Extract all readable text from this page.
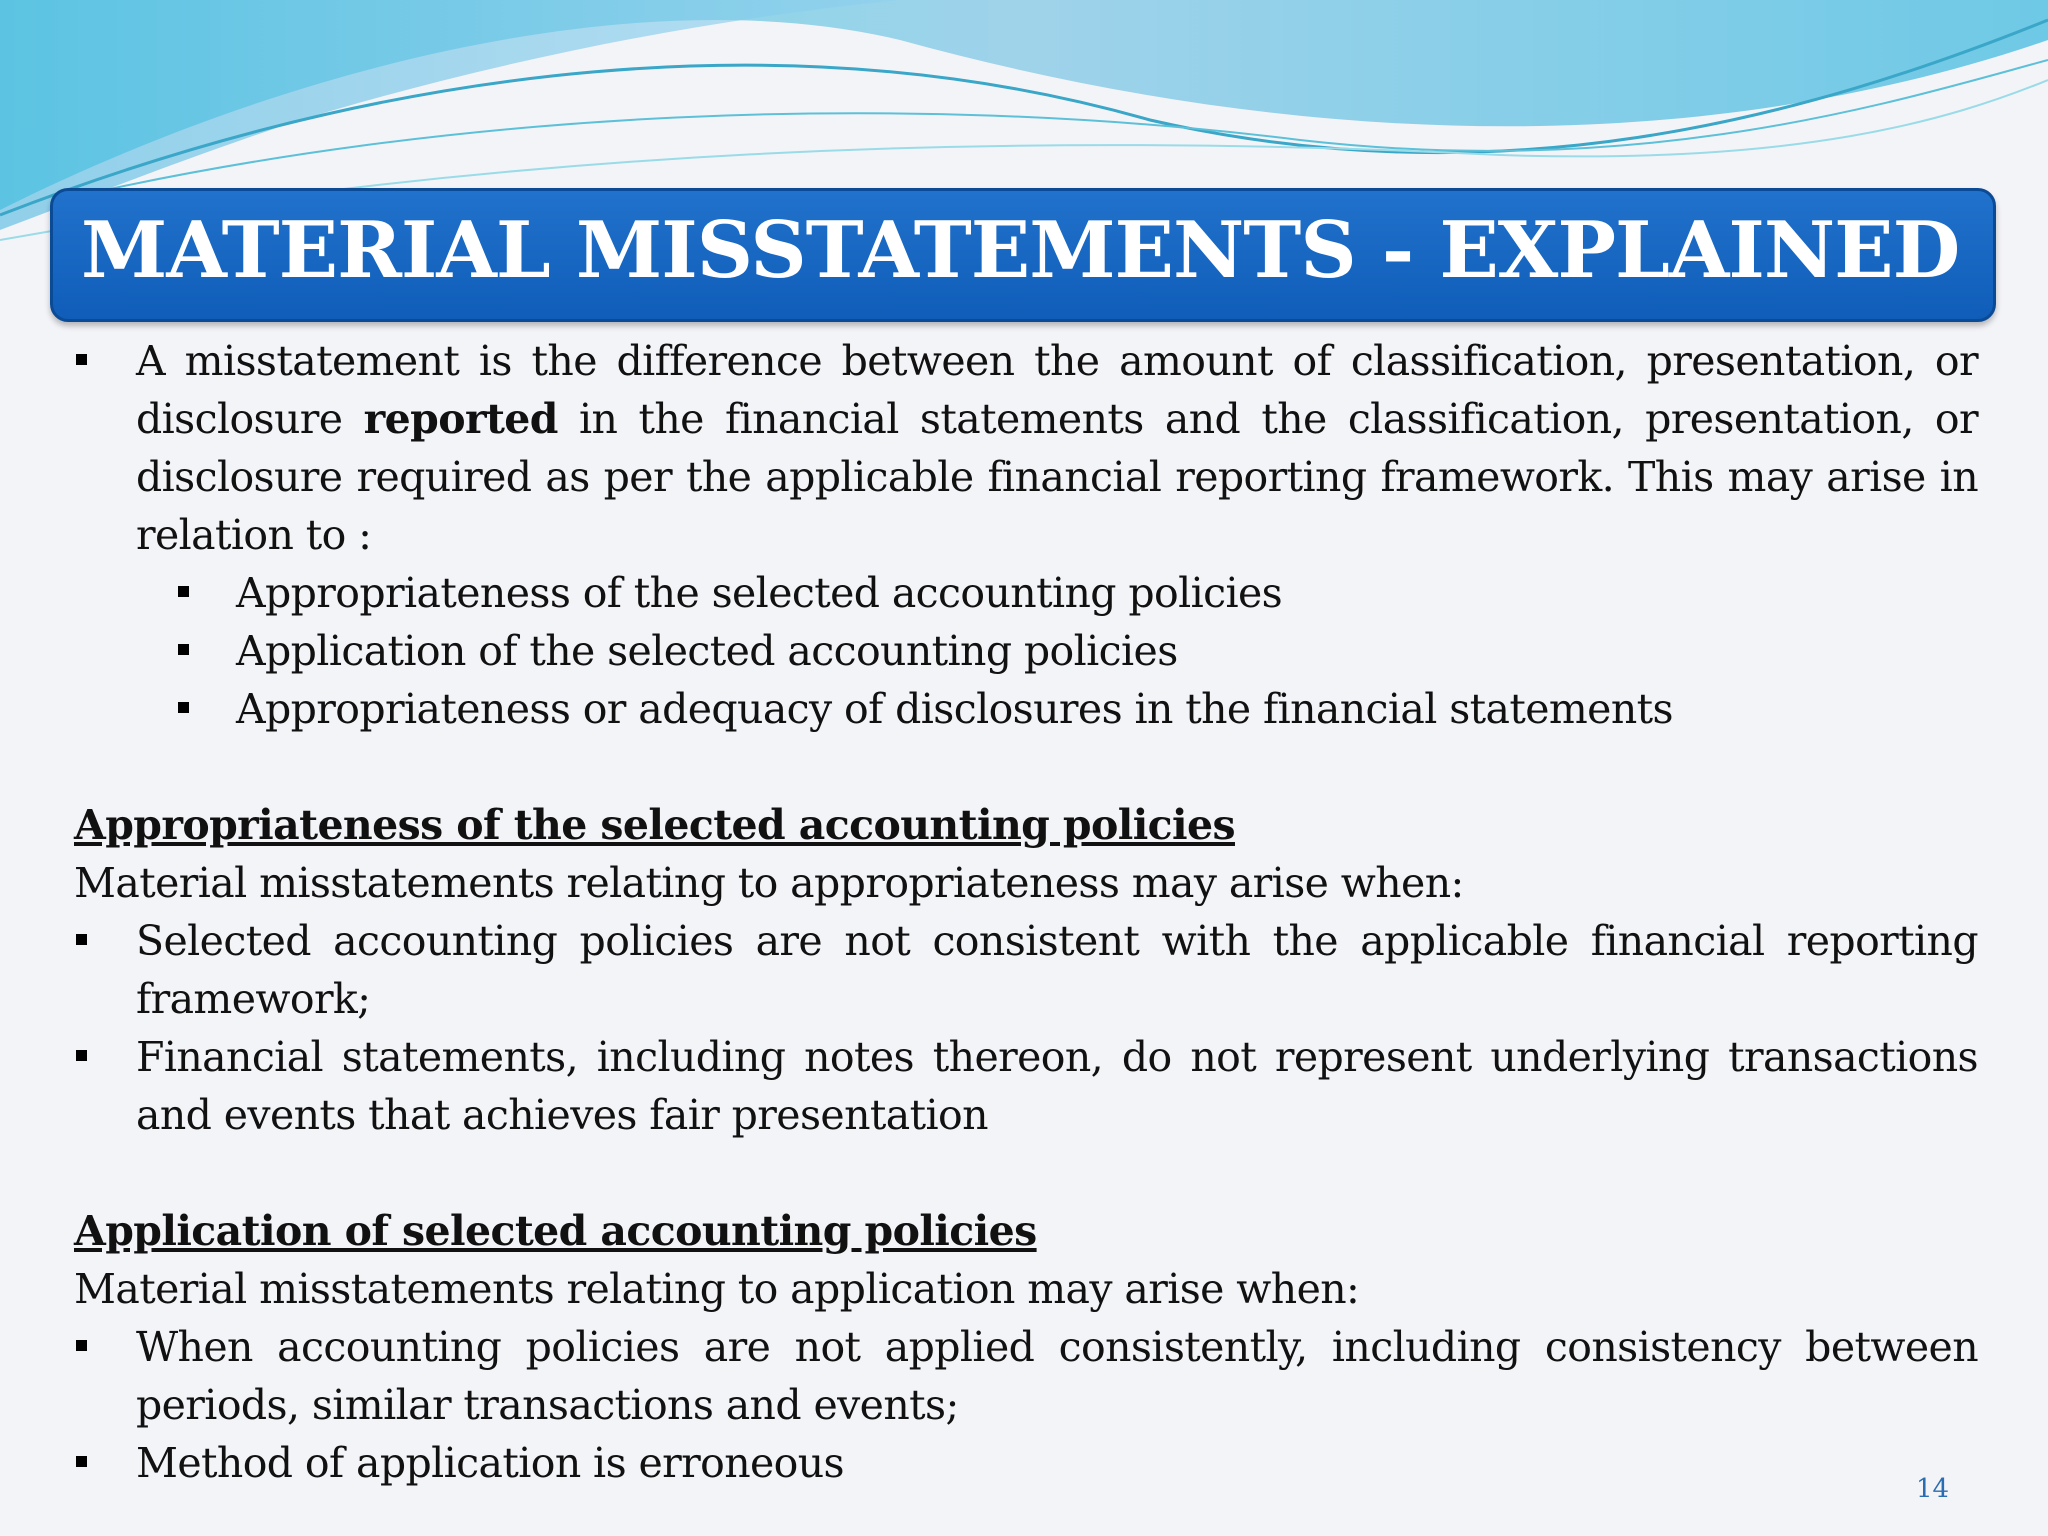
MATERIAL MISSTATEMENTS - EXPLAINED
A misstatement is the difference between the amount of classification, presentation, or disclosure reported in the financial statements and the classification, presentation, or disclosure required as per the applicable financial reporting framework. This may arise in relation to :
Appropriateness of the selected accounting policies
Application of the selected accounting policies
Appropriateness or adequacy of disclosures in the financial statements
Appropriateness of the selected accounting policies
Material misstatements relating to appropriateness may arise when:
Selected accounting policies are not consistent with the applicable financial reporting framework;
Financial statements, including notes thereon, do not represent underlying transactions and events that achieves fair presentation
Application of selected accounting policies
Material misstatements relating to application may arise when:
When accounting policies are not applied consistently, including consistency between periods, similar transactions and events;
Method of application is erroneous
14
